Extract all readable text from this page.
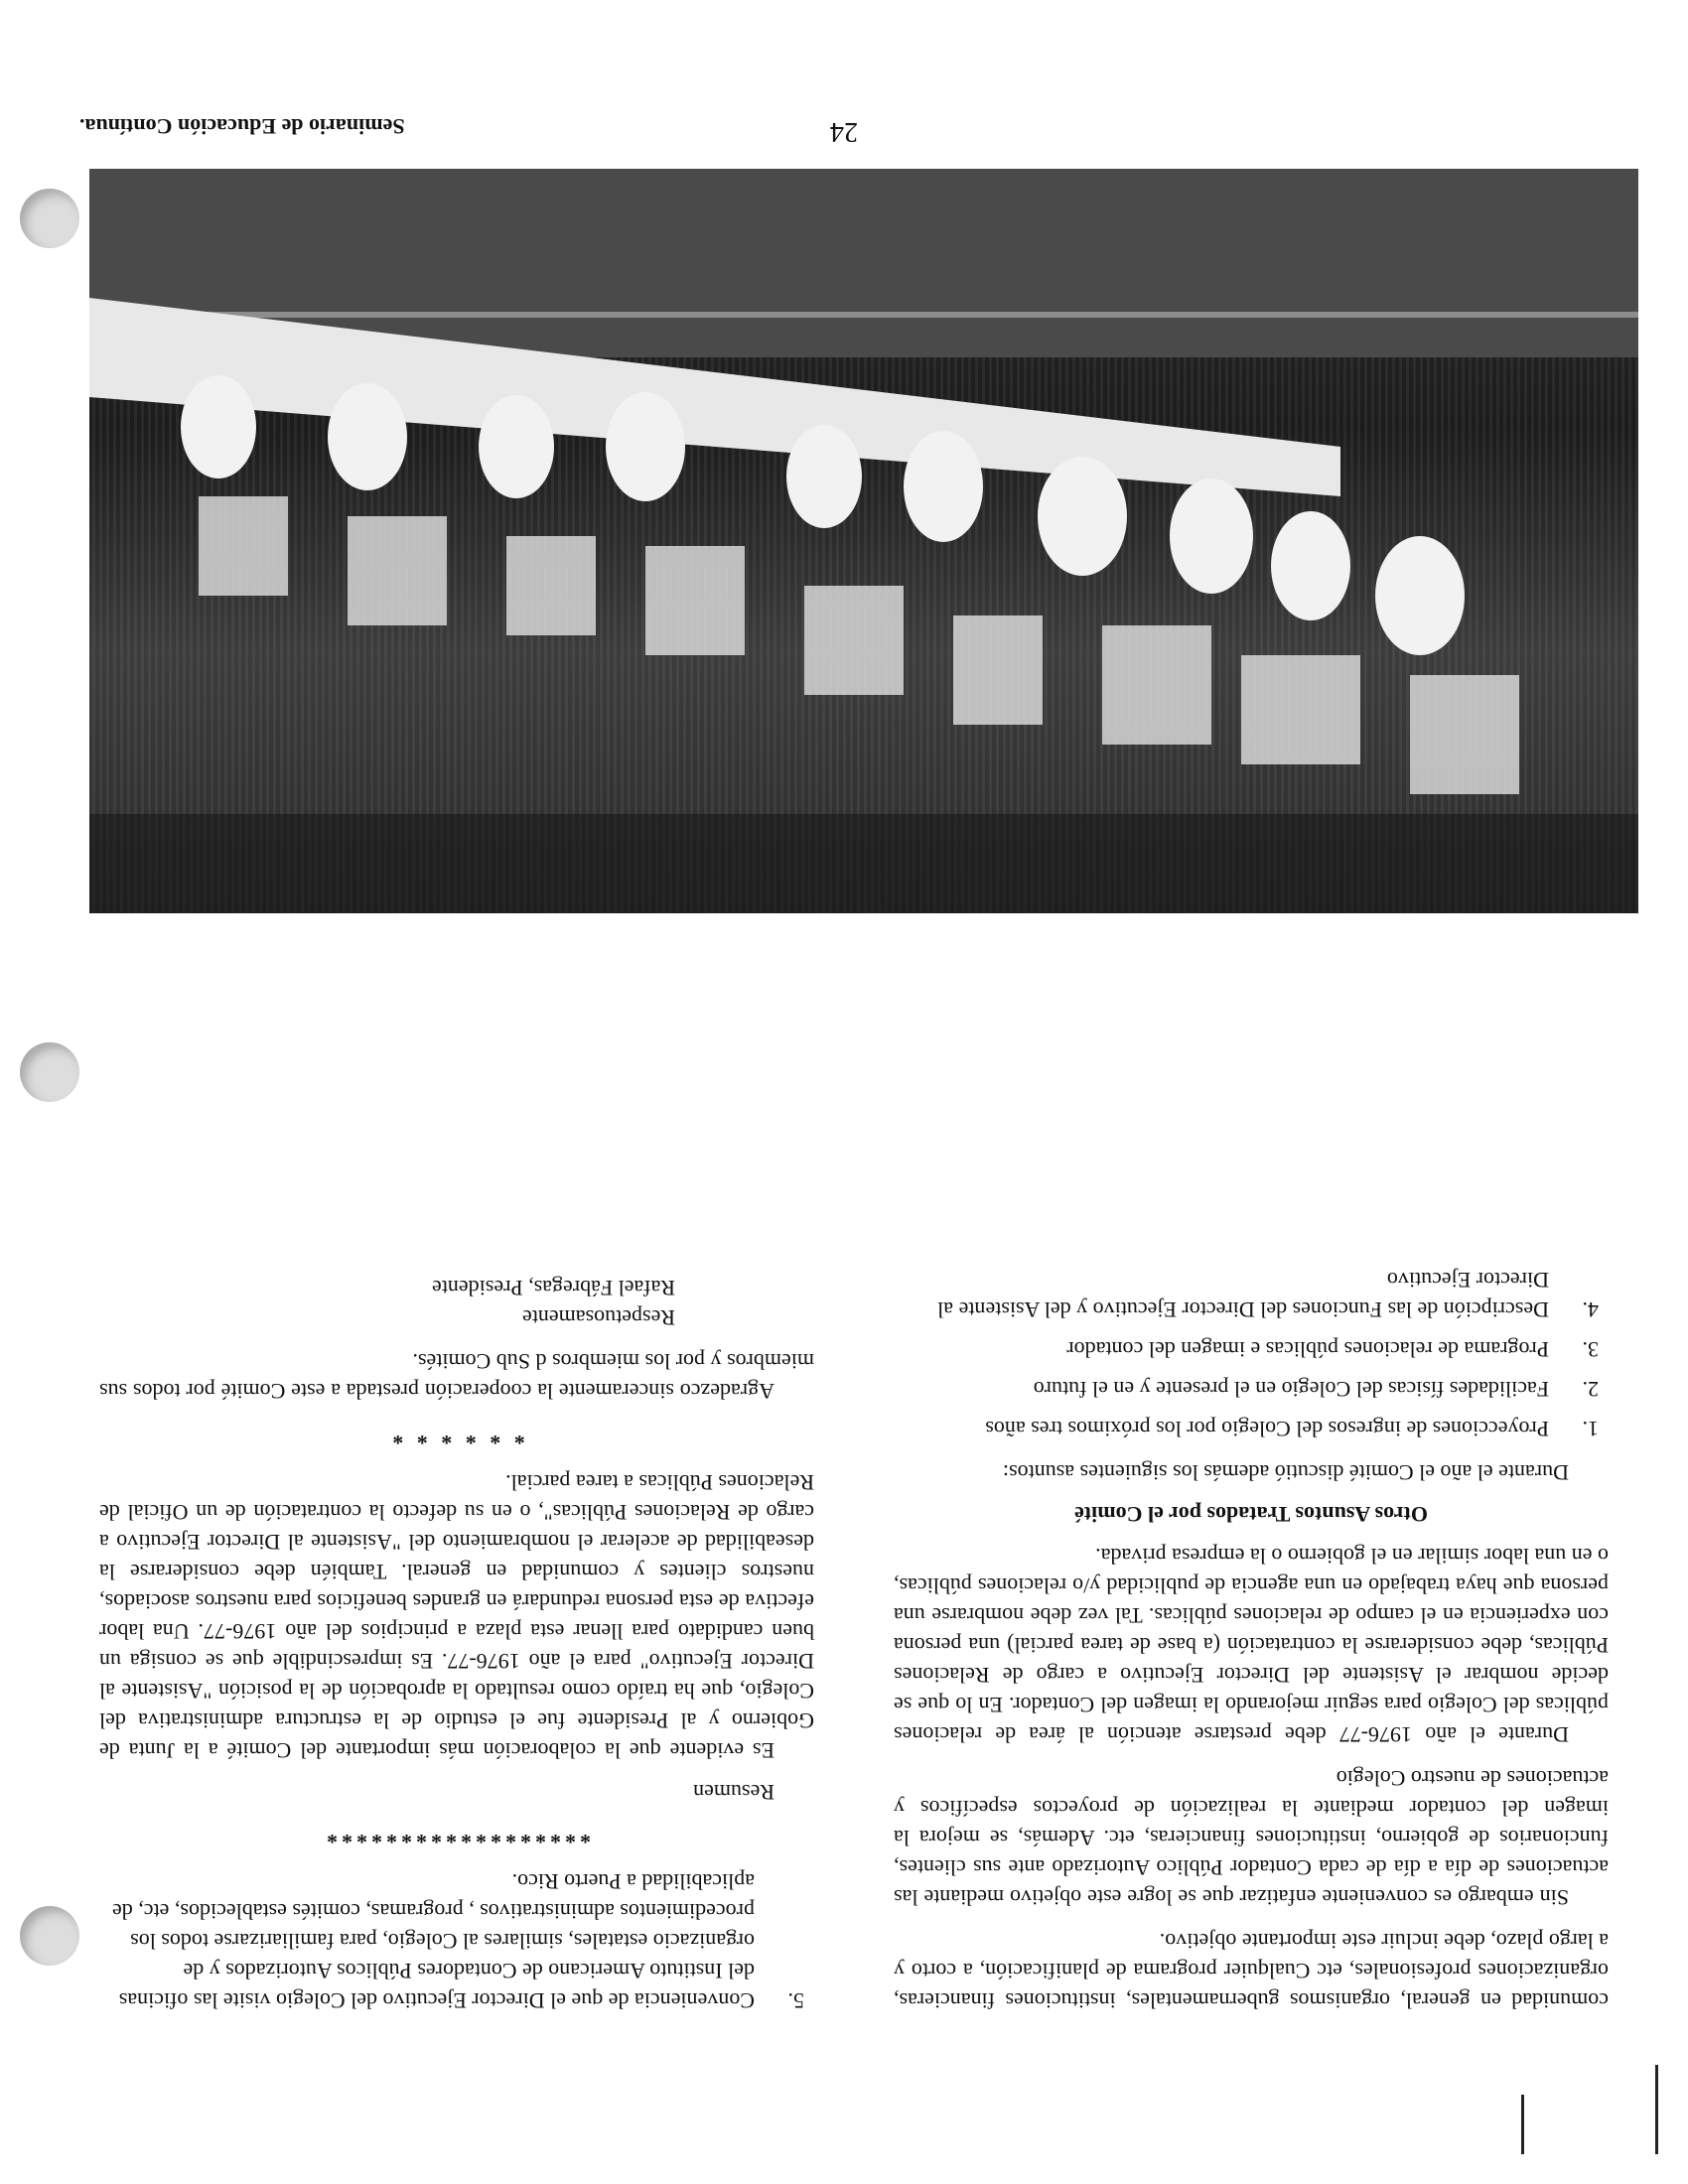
24
Seminario de Educación Contínua.

comunidad en general, organismos gubernamentales, instituciones financieras, organizaciones profesionales, etc Cualquier programa de planificación, a corto y a largo plazo, debe incluir este importante objetivo.

Sin embargo es conveniente enfatizar que se logre este objetivo mediante las actuaciones de día a día de cada Contador Público Autorizado ante sus clientes, funcionarios de gobierno, instituciones financieras, etc. Además, se mejora la imagen del contador mediante la realización de proyectos específicos y actuaciones de nuestro Colegio

Durante el año 1976-77 debe prestarse atención al área de relaciones públicas del Colegio para seguir mejorando la imagen del Contador. En lo que se decide nombrar el Asistente del Director Ejecutivo a cargo de Relaciones Públicas, debe considerarse la contratación (a base de tarea parcial) una persona con experiencia en el campo de relaciones públicas. Tal vez debe nombrarse una persona que haya trabajado en una agencia de publicidad y/o relaciones públicas, o en una labor similar en el gobierno o la empresa privada.

Otros Asuntos Tratados por el Comité

Durante el año el Comité discutió además los siguientes asuntos:

1.
Proyecciones de ingresos del Colegio por los próximos tres años
2.
Facilidades físicas del Colegio en el presente y en el futuro
3.
Programa de relaciones públicas e imagen del contador
4.
Descripción de las Funciones del Director Ejecutivo y del Asistente al Director Ejecutivo
5.
Conveniencia de que el Director Ejecutivo del Colegio visite las oficinas del Instituto Americano de Contadores Públicos Autorizados y de organizacio estatales, similares al Colegio, para familiarizarse todos los procedimientos administrativos , programas, comités establecidos, etc, de aplicabilidad a Puerto Rico.
******************
Resumen

Es evidente que la colaboración más importante del Comité a la Junta de Gobierno y al Presidente fue el estudio de la estructura administrativa del Colegio, que ha traído como resultado la aprobación de la posición "Asistente al Director Ejecutivo" para el año 1976-77. Es imprescindible que se consiga un buen candidato para llenar esta plaza a principios del año 1976-77. Una labor efectiva de esta persona redundará en grandes beneficios para nuestros asociados, nuestros clientes y comunidad en general. También debe considerarse la deseabilidad de acelerar el nombramiento del "Asistente al Director Ejecutivo a cargo de Relaciones Públicas", o en su defecto la contratación de un Oficial de Relaciones Públicas a tarea parcial.

* * * * * *

Agradezco sinceramente la cooperación prestada a este Comité por todos sus miembros y por los miembros d Sub Comités.

Respetuosamente
Rafael Fábregas, Presidente
